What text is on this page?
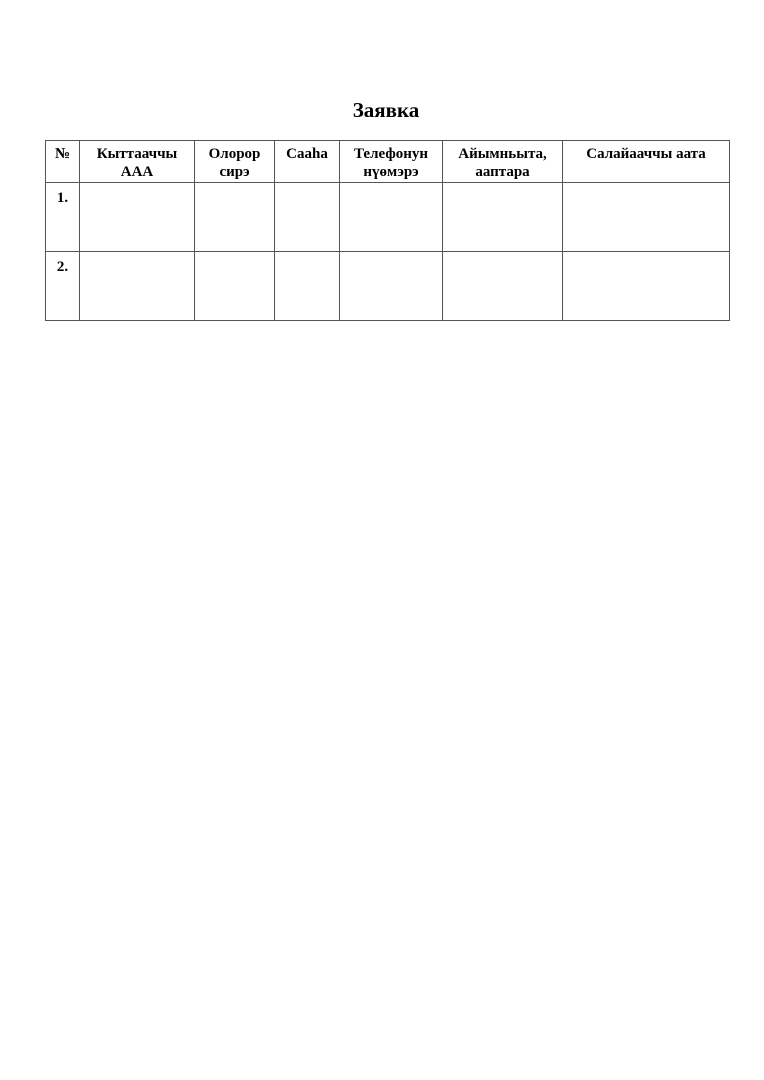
Заявка
№	Кыттааччы ААА	Олорор сирэ	Caahа	Телефонун нүөмэрэ	Айымньыта, ааптара	Салайааччы аата
1.						
2.						
